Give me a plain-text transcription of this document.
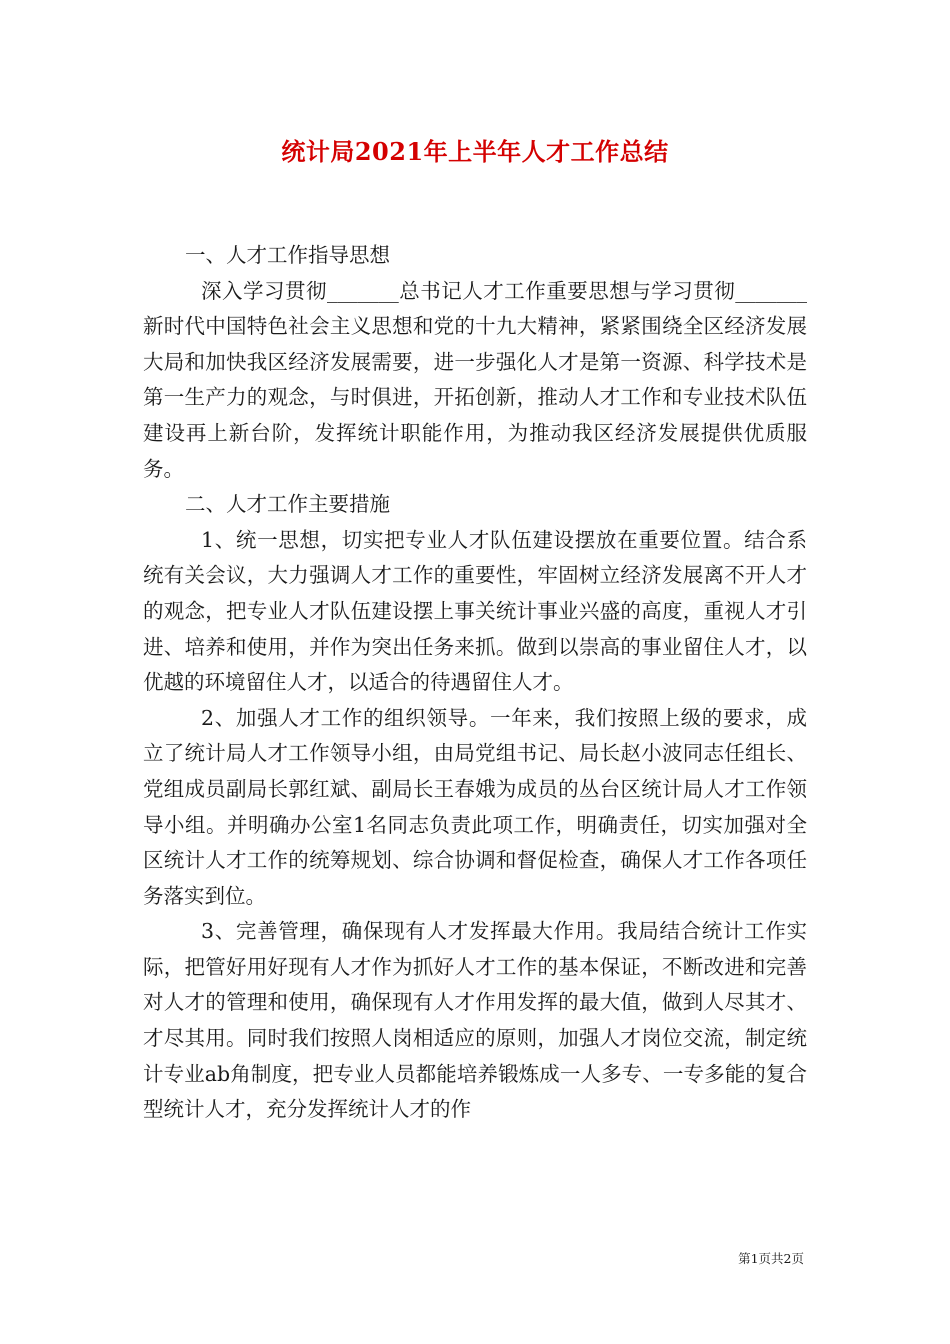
统计局2021年上半年人才工作总结

一、人才工作指导思想

深入学习贯彻_______总书记人才工作重要思想与学习贯彻_______新时代中国特色社会主义思想和党的十九大精神，紧紧围绕全区经济发展大局和加快我区经济发展需要，进一步强化人才是第一资源、科学技术是第一生产力的观念，与时俱进，开拓创新，推动人才工作和专业技术队伍建设再上新台阶，发挥统计职能作用，为推动我区经济发展提供优质服务。

二、人才工作主要措施

1、统一思想，切实把专业人才队伍建设摆放在重要位置。结合系统有关会议，大力强调人才工作的重要性，牢固树立经济发展离不开人才的观念，把专业人才队伍建设摆上事关统计事业兴盛的高度，重视人才引进、培养和使用，并作为突出任务来抓。做到以崇高的事业留住人才，以优越的环境留住人才，以适合的待遇留住人才。

2、加强人才工作的组织领导。一年来，我们按照上级的要求，成立了统计局人才工作领导小组，由局党组书记、局长赵小波同志任组长、党组成员副局长郭红斌、副局长王春娥为成员的丛台区统计局人才工作领导小组。并明确办公室1名同志负责此项工作，明确责任，切实加强对全区统计人才工作的统筹规划、综合协调和督促检查，确保人才工作各项任务落实到位。

3、完善管理，确保现有人才发挥最大作用。我局结合统计工作实际，把管好用好现有人才作为抓好人才工作的基本保证，不断改进和完善对人才的管理和使用，确保现有人才作用发挥的最大值，做到人尽其才、才尽其用。同时我们按照人岗相适应的原则，加强人才岗位交流，制定统计专业ab角制度，把专业人员都能培养锻炼成一人多专、一专多能的复合型统计人才，充分发挥统计人才的作

第1页共2页
